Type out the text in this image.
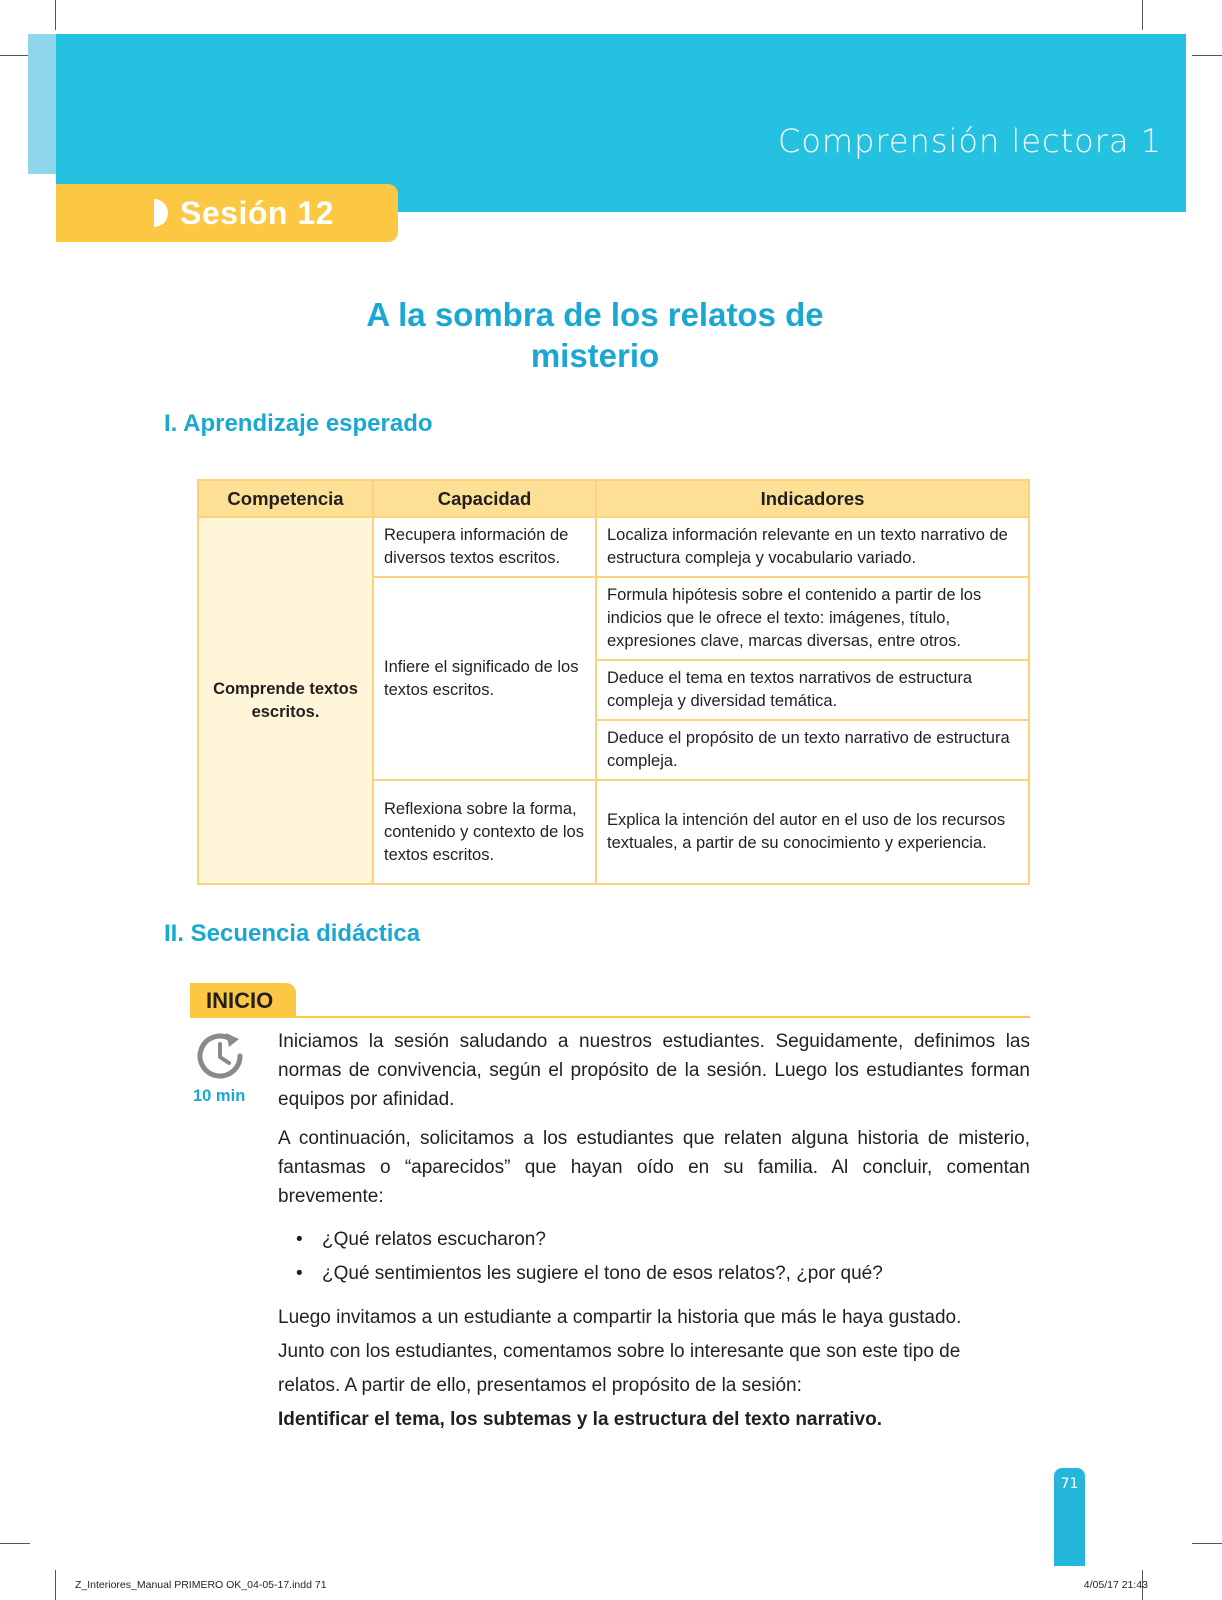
Comprensión lectora 1
Sesión 12
A la sombra de los relatos de
misterio
I. Aprendizaje esperado
Competencia	Capacidad	Indicadores
Comprende textos escritos.	Recupera información de diversos textos escritos.	Localiza información relevante en un texto narrativo de estructura compleja y vocabulario variado.
	Infiere el significado de los textos escritos.	Formula hipótesis sobre el contenido a partir de los indicios que le ofrece el texto: imágenes, título, expresiones clave, marcas diversas, entre otros.
		Deduce el tema en textos narrativos de estructura compleja y diversidad temática.
		Deduce el propósito de un texto narrativo de estructura compleja.
	Reflexiona sobre la forma, contenido y contexto de los textos escritos.	Explica la intención del autor en el uso de los recursos textuales, a partir de su conocimiento y experiencia.
II. Secuencia didáctica
INICIO
10 min

Iniciamos la sesión saludando a nuestros estudiantes. Seguidamente, definimos las normas de convivencia, según el propósito de la sesión. Luego los estudiantes forman equipos por afinidad.

A continuación, solicitamos a los estudiantes que relaten alguna historia de misterio, fantasmas o “aparecidos” que hayan oído en su familia. Al concluir, comentan brevemente:

• ¿Qué relatos escucharon?
• ¿Qué sentimientos les sugiere el tono de esos relatos?, ¿por qué?
Luego invitamos a un estudiante a compartir la historia que más le haya gustado.
Junto con los estudiantes, comentamos sobre lo interesante que son este tipo de
relatos. A partir de ello, presentamos el propósito de la sesión:
Identificar el tema, los subtemas y la estructura del texto narrativo.
71
Z_Interiores_Manual PRIMERO OK_04-05-17.indd 71	4/05/17 21:43
